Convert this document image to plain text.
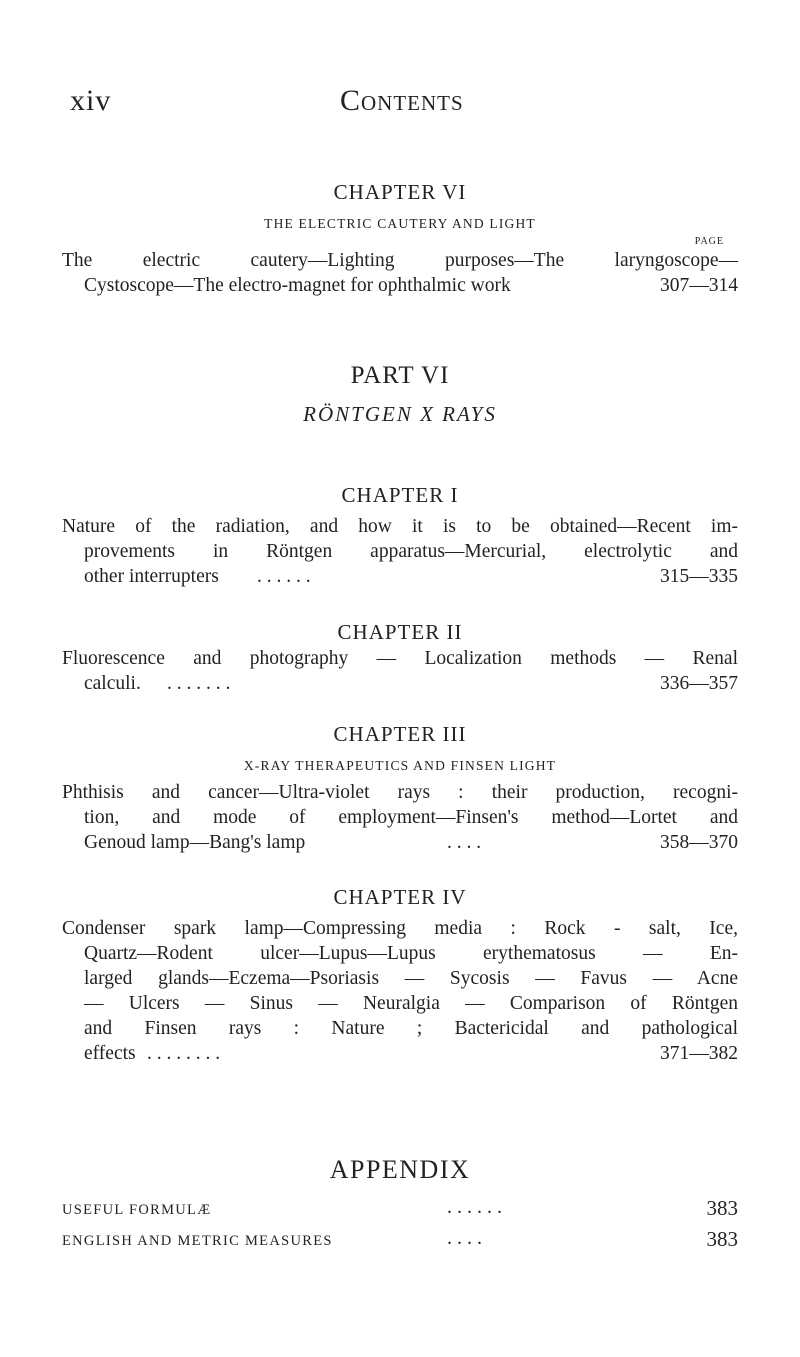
xiv	Contents
CHAPTER VI
THE ELECTRIC CAUTERY AND LIGHT
PAGE
The electric cautery—Lighting purposes—The laryngoscope—
Cystoscope—The electro-magnet for ophthalmic work	307—314
PART VI
RÖNTGEN X RAYS
CHAPTER I
Nature of the radiation, and how it is to be obtained—Recent im-
provements in Röntgen apparatus—Mercurial, electrolytic and
other interrupters . . . . . .	315—335
CHAPTER II
Fluorescence and photography — Localization methods — Renal
calculi. . . . . . . .	336—357
CHAPTER III
X-RAY THERAPEUTICS AND FINSEN LIGHT
Phthisis and cancer—Ultra-violet rays : their production, recogni-
tion, and mode of employment—Finsen's method—Lortet and
Genoud lamp—Bang's lamp	. . . .	358—370
CHAPTER IV
Condenser spark lamp—Compressing media : Rock - salt, Ice,
Quartz—Rodent ulcer—Lupus—Lupus erythematosus — En-
larged glands—Eczema—Psoriasis — Sycosis — Favus — Acne
— Ulcers — Sinus — Neuralgia — Comparison of Röntgen
and Finsen rays : Nature ; Bactericidal and pathological
effects . . . . . . . .	371—382
APPENDIX
USEFUL FORMULÆ	. . . . . .	383
ENGLISH AND METRIC MEASURES	. . . .	383
